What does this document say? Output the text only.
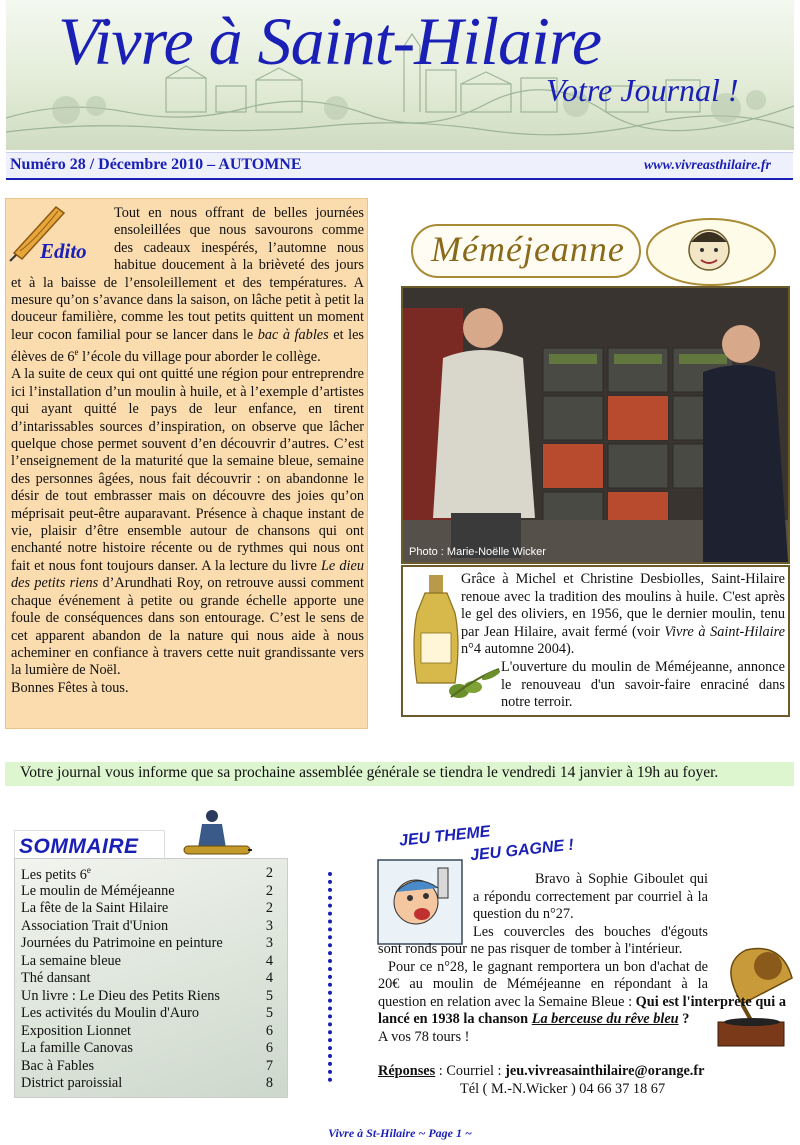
Vivre à Saint-Hilaire
Votre Journal !
Numéro 28 / Décembre 2010 – AUTOMNE	www.vivreasthilaire.fr

Tout en nous offrant de belles journées ensoleillées que nous savourons comme des cadeaux inespérés, l’automne nous habitue doucement à la brièveté des jours et à la baisse de l’ensoleillement et des températures. A mesure qu’on s’avance dans la saison, on lâche petit à petit la douceur familière, comme les tout petits quittent un moment leur cocon familial pour se lancer dans le bac à fables et les élèves de 6e l’école du village pour aborder le collège.

A la suite de ceux qui ont quitté une région pour entreprendre ici l’installation d’un moulin à huile, et à l’exemple d’artistes qui ayant quitté le pays de leur enfance, en tirent d’intarissables sources d’inspiration, on observe que lâcher quelque chose permet souvent d’en découvrir d’autres. C’est l’enseignement de la maturité que la semaine bleue, semaine des personnes âgées, nous fait découvrir : on abandonne le désir de tout embrasser mais on découvre des joies qu’on méprisait peut-être auparavant. Présence à chaque instant de vie, plaisir d’être ensemble autour de chansons qui ont enchanté notre histoire récente ou de rythmes qui nous ont fait et nous font toujours danser. A la lecture du livre Le dieu des petits riens d’Arundhati Roy, on retrouve aussi comment chaque événement à petite ou grande échelle apporte une foule de conséquences dans son entourage. C’est le sens de cet apparent abandon de la nature qui nous aide à nous acheminer en confiance à travers cette nuit grandissante vers la lumière de Noël.

Bonnes Fêtes à tous.

Edito	Méméjeanne
Photo : Marie-Noëlle Wicker

Grâce à Michel et Christine Desbiolles, Saint-Hilaire renoue avec la tradition des moulins à huile. C'est après le gel des oliviers, en 1956, que le dernier moulin, tenu par Jean Hilaire, avait fermé (voir Vivre à Saint-Hilaire n°4 automne 2004).

L'ouverture du moulin de Méméjeanne, annonce le renouveau d'un savoir-faire enraciné dans notre terroir.

Votre journal vous informe que sa prochaine assemblée générale se tiendra le vendredi 14 janvier à 19h au foyer.
SOMMAIRE
Les petits 6e	2
Le moulin de Méméjeanne	2
La fête de la Saint Hilaire	2
Association Trait d'Union	3
Journées du Patrimoine en peinture	3
La semaine bleue	4
Thé dansant	4
Un livre : Le Dieu des Petits Riens	5
Les activités du Moulin d'Auro	5
Exposition Lionnet	6
La famille Canovas	6
Bac à Fables	7
District paroissial	8
JEU THEME
JEU GAGNE !

Bravo à Sophie Giboulet qui a répondu correctement par courriel à la question du n°27.

Les couvercles des bouches d'égouts sont ronds pour ne pas risquer de tomber à l'intérieur.

Pour ce n°28, le gagnant remportera un bon d'achat de 20€ au moulin de Méméjeanne en répondant à la question en relation avec la Semaine Bleue : Qui est l'interprète qui a lancé en 1938 la chanson La berceuse du rêve bleu ?

A vos 78 tours !

Réponses : Courriel : jeu.vivreasainthilaire@orange.fr
Tél ( M.-N.Wicker ) 04 66 37 18 67
Vivre à St-Hilaire ~ Page 1 ~
